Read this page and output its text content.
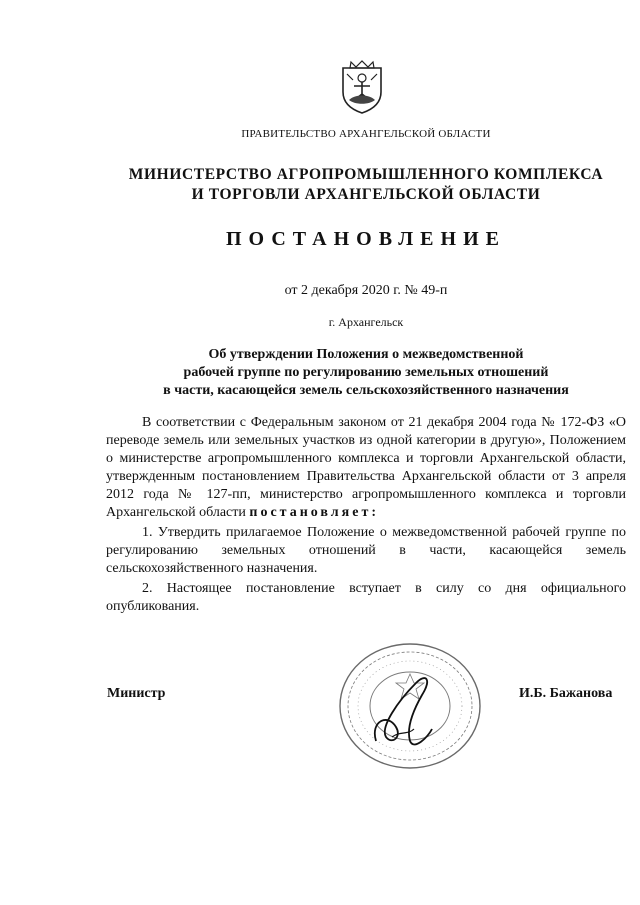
ПРАВИТЕЛЬСТВО АРХАНГЕЛЬСКОЙ ОБЛАСТИ
МИНИСТЕРСТВО АГРОПРОМЫШЛЕННОГО КОМПЛЕКСА
И ТОРГОВЛИ АРХАНГЕЛЬСКОЙ ОБЛАСТИ
ПОСТАНОВЛЕНИЕ
от 2 декабря 2020 г. № 49-п
г. Архангельск
Об утверждении Положения о межведомственной
рабочей группе по регулированию земельных отношений
в части, касающейся земель сельскохозяйственного назначения

В соответствии с Федеральным законом от 21 декабря 2004 года № 172-ФЗ «О переводе земель или земельных участков из одной категории в другую», Положением о министерстве агропромышленного комплекса и торговли Архангельской области, утвержденным постановлением Правительства Архангельской области от 3 апреля 2012 года № 127-пп, министерство агропромышленного комплекса и торговли Архангельской области постановляет:

1. Утвердить прилагаемое Положение о межведомственной рабочей группе по регулированию земельных отношений в части, касающейся земель сельскохозяйственного назначения.

2. Настоящее постановление вступает в силу со дня официального опубликования.

Министр	И.Б. Бажанова
